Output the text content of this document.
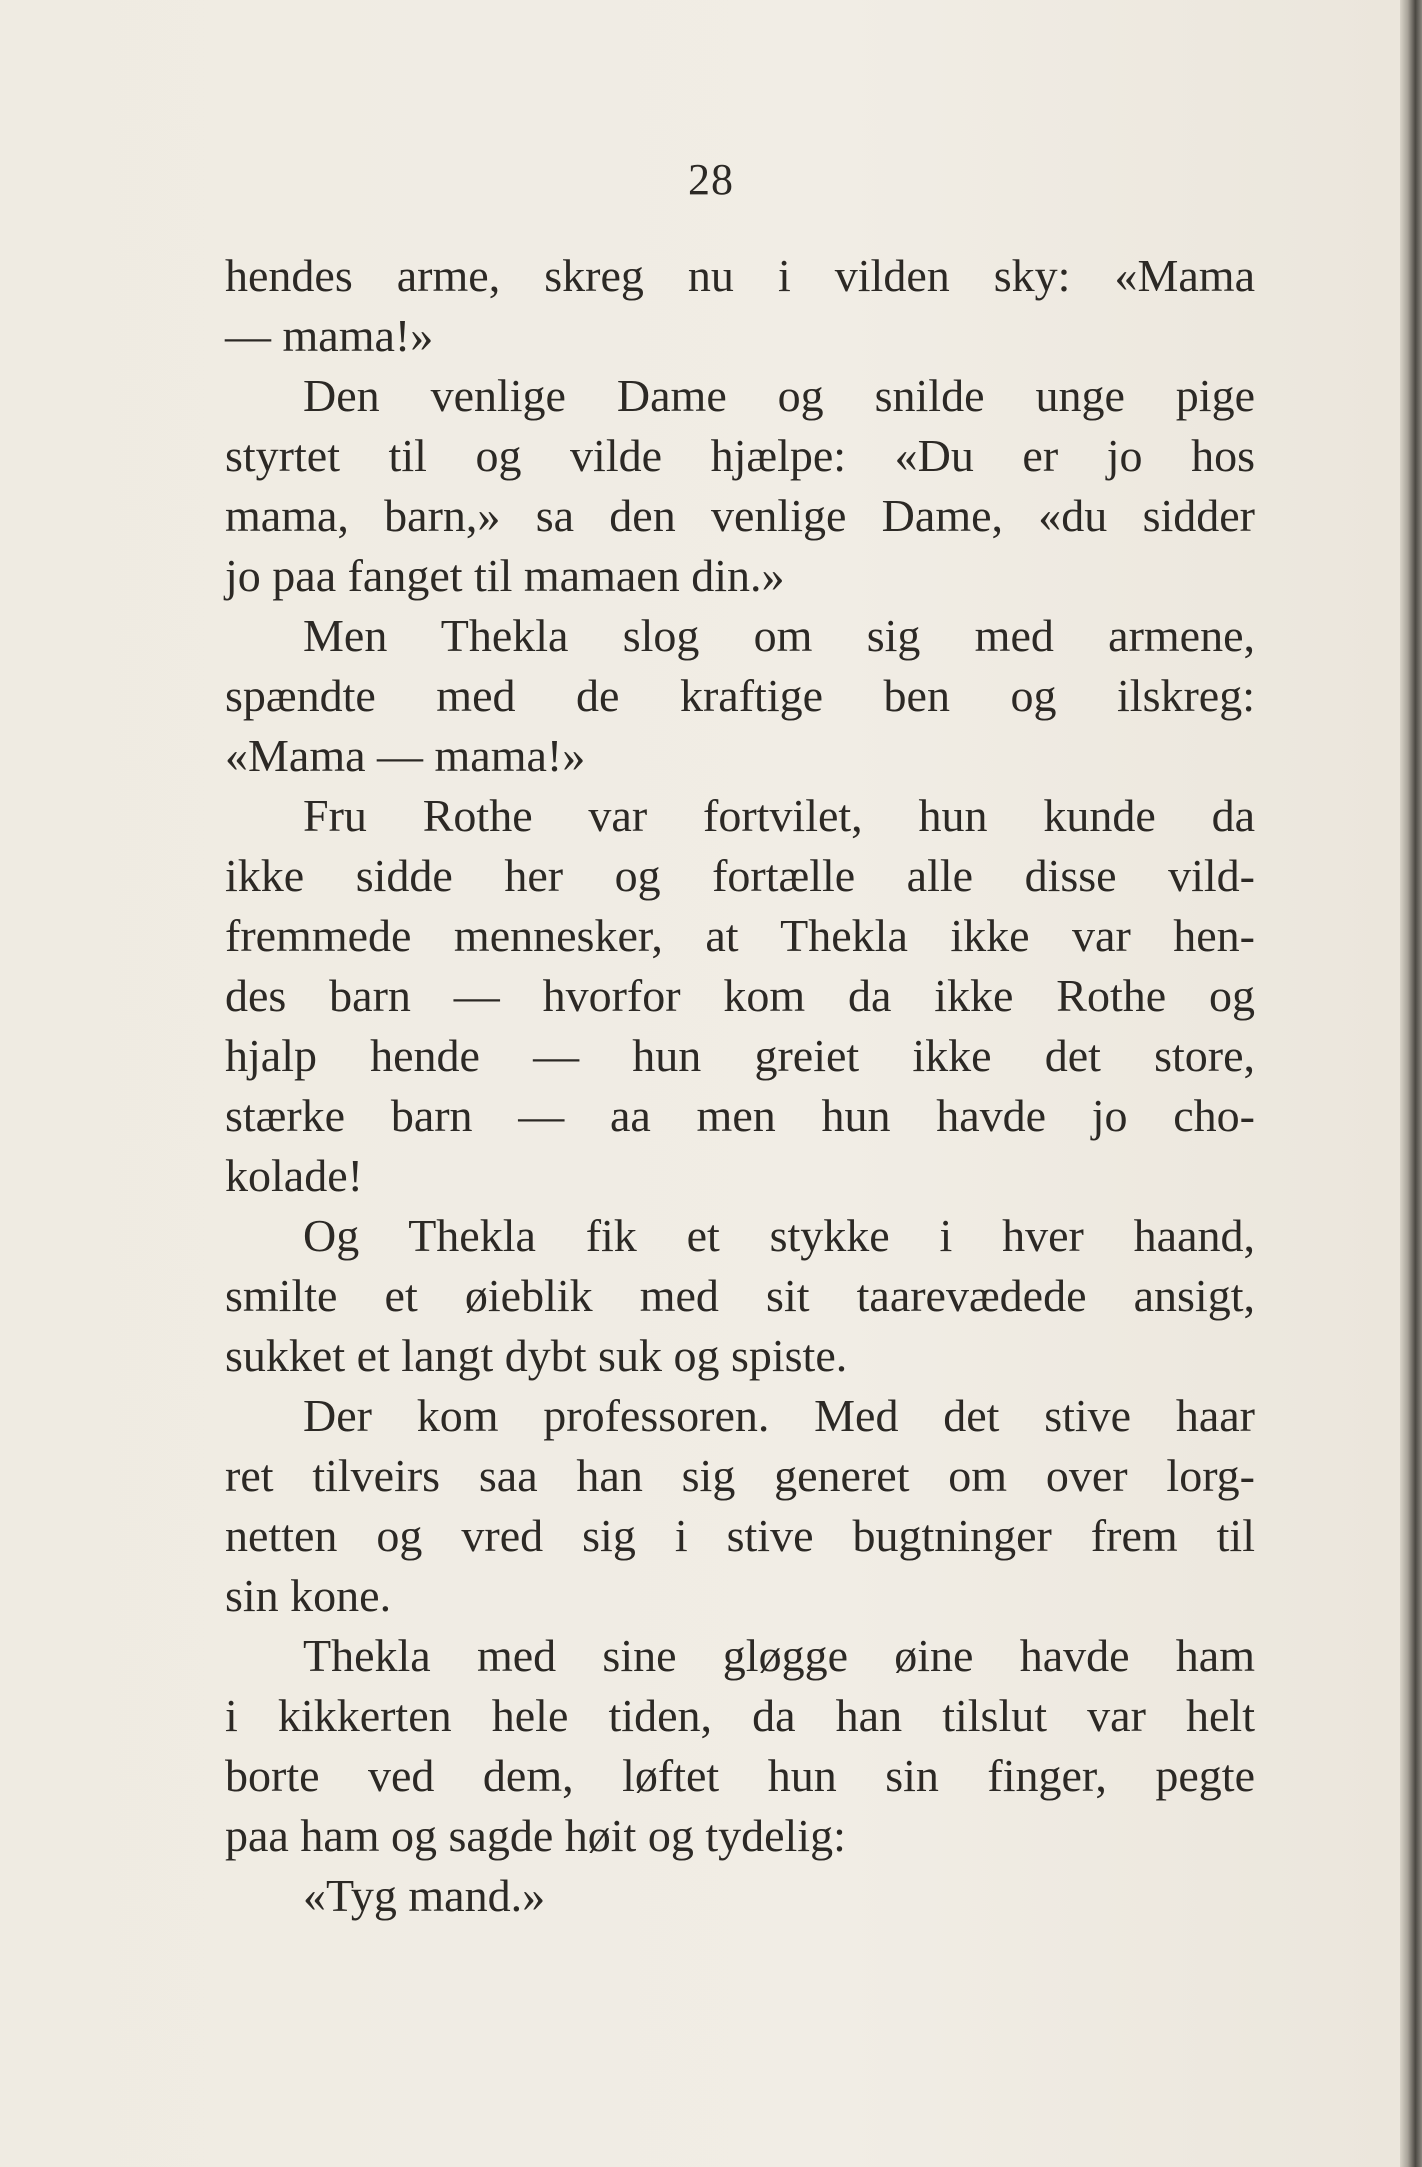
28
hendes arme, skreg nu i vilden sky: «Mama
— mama!»
Den venlige Dame og snilde unge pige
styrtet til og vilde hjælpe: «Du er jo hos
mama, barn,» sa den venlige Dame, «du sidder
jo paa fanget til mamaen din.»
Men Thekla slog om sig med armene,
spændte med de kraftige ben og ilskreg:
«Mama — mama!»
Fru Rothe var fortvilet, hun kunde da
ikke sidde her og fortælle alle disse vild-
fremmede mennesker, at Thekla ikke var hen-
des barn — hvorfor kom da ikke Rothe og
hjalp hende — hun greiet ikke det store,
stærke barn — aa men hun havde jo cho-
kolade!
Og Thekla fik et stykke i hver haand,
smilte et øieblik med sit taarevædede ansigt,
sukket et langt dybt suk og spiste.
Der kom professoren. Med det stive haar
ret tilveirs saa han sig generet om over lorg-
netten og vred sig i stive bugtninger frem til
sin kone.
Thekla med sine gløgge øine havde ham
i kikkerten hele tiden, da han tilslut var helt
borte ved dem, løftet hun sin finger, pegte
paa ham og sagde høit og tydelig:
«Tyg mand.»
